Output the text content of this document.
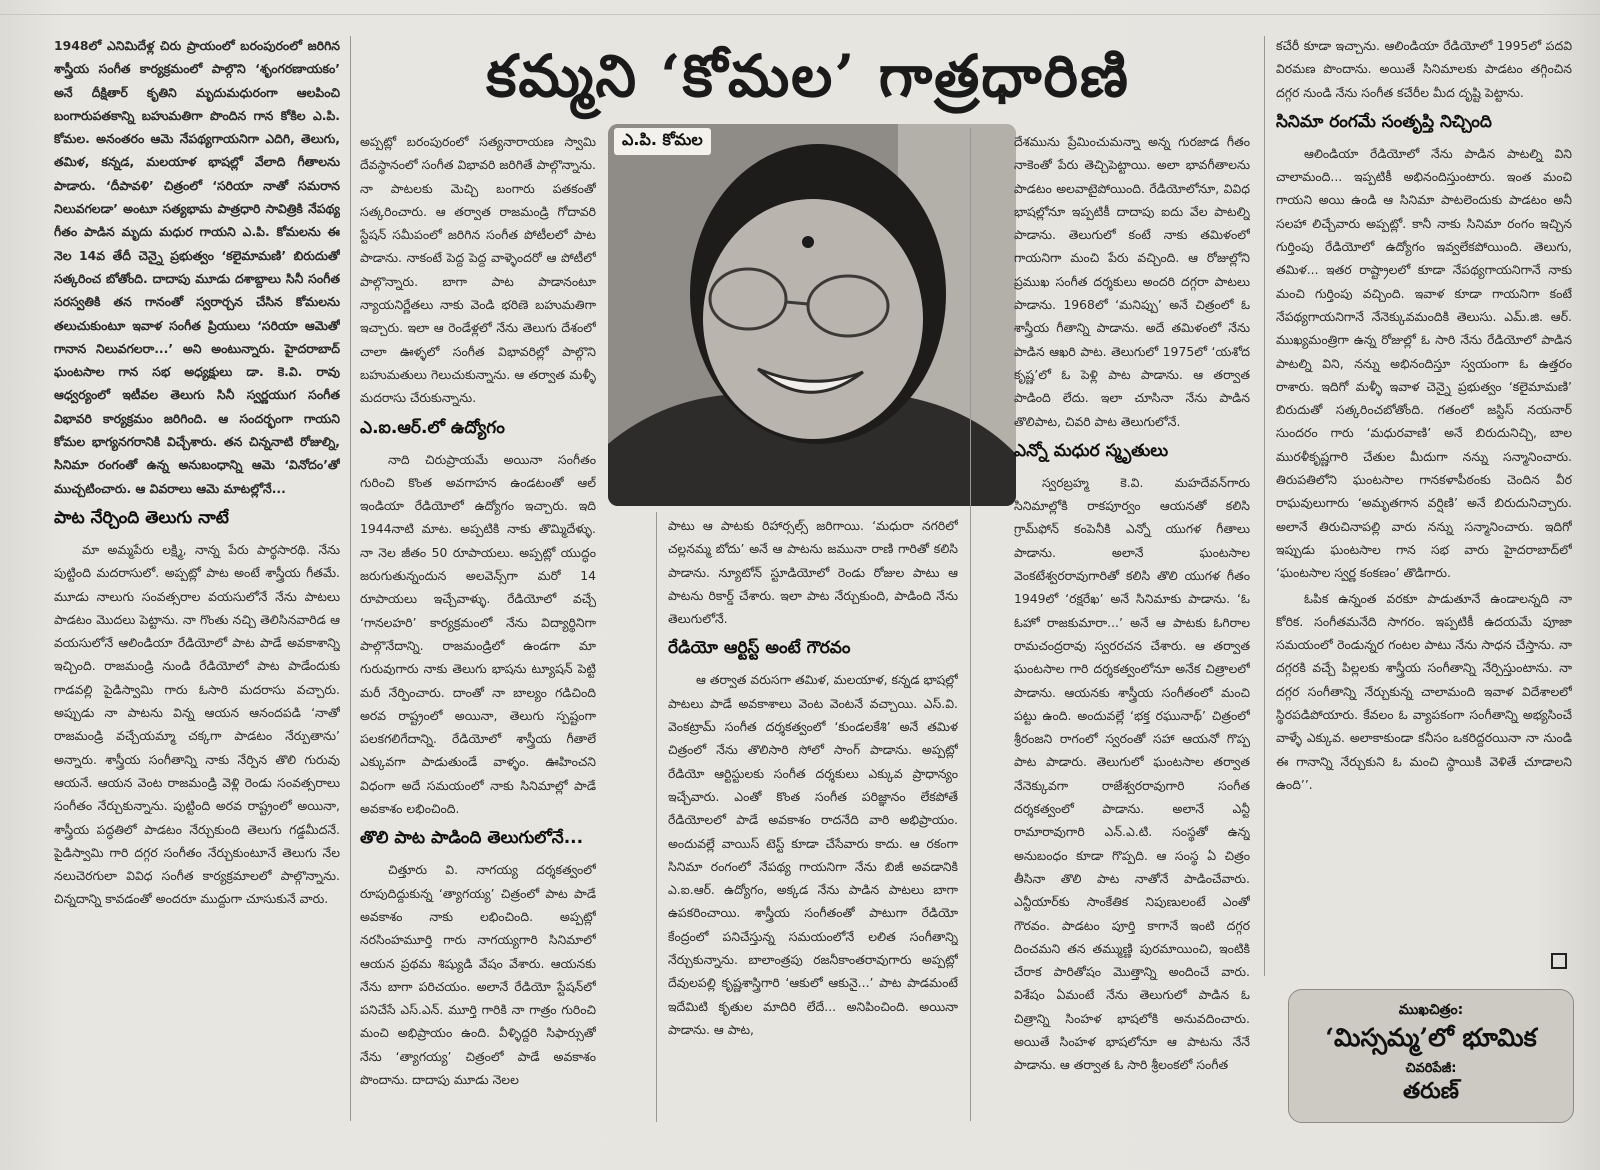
కమ్మని ‘కోమల’ గాత్రధారిణి

1948లో ఎనిమిదేళ్ల చిరు ప్రాయంలో బరంపురంలో జరిగిన శాస్త్రీయ సంగీత కార్యక్రమంలో పాల్గొని ‘శృంగరణాయకం’ అనే దీక్షితార్ కృతిని మృదుమధురంగా ఆలపించి బంగారుపతకాన్ని బహుమతిగా పొందిన గాన కోకిల ఎ.పి. కోమల. అనంతరం ఆమె నేపథ్యగాయనిగా ఎదిగి, తెలుగు, తమిళ, కన్నడ, మలయాళ భాషల్లో వేలాది గీతాలను పాడారు. ‘దీపావళి’ చిత్రంలో ‘సరియా నాతో సమరాన నిలువగలడా’ అంటూ సత్యభామ పాత్రధారి సావిత్రికి నేపథ్య గీతం పాడిన మృదు మధుర గాయని ఎ.పి. కోమలను ఈ నెల 14వ తేదీ చెన్నై ప్రభుత్వం ‘కలైమామణి’ బిరుదుతో సత్కరించ బోతోంది. దాదాపు మూడు దశాబ్దాలు సినీ సంగీత సరస్వతికి తన గానంతో స్వరార్చన చేసిన కోమలను తలుచుకుంటూ ఇవాళ సంగీత ప్రియులు ‘సరియా ఆమెతో గానాన నిలువగలరా...’ అని అంటున్నారు. హైదరాబాద్ ఘంటసాల గాన సభ అధ్యక్షులు డా. కె.వి. రావు ఆధ్వర్యంలో ఇటీవల తెలుగు సినీ స్వర్ణయుగ సంగీత విభావరి కార్యక్రమం జరిగింది. ఆ సందర్భంగా గాయని కోమల భాగ్యనగరానికి విచ్చేశారు. తన చిన్ననాటి రోజుల్ని, సినిమా రంగంతో ఉన్న అనుబంధాన్ని ఆమె ‘వినోదం’తో ముచ్చటించారు. ఆ వివరాలు ఆమె మాటల్లోనే...

పాట నేర్చింది తెలుగు నాటే

మా అమ్మపేరు లక్ష్మి, నాన్న పేరు పార్థసారథి. నేను పుట్టింది మదరాసులో. అప్పట్లో పాట అంటే శాస్త్రీయ గీతమే. మూడు నాలుగు సంవత్సరాల వయసులోనే నేను పాటలు పాడటం మొదలు పెట్టాను. నా గొంతు నచ్చి తెలిసినవారిడ ఆ వయసులోనే ఆలిండియా రేడియోలో పాట పాడే అవకాశాన్ని ఇచ్చింది. రాజమండ్రి నుండి రేడియోలో పాట పాడేందుకు గాడవల్లి పైడిస్వామి గారు ఓసారి మదరాసు వచ్చారు. అప్పుడు నా పాటను విన్న ఆయన ఆనందపడి ‘నాతో రాజమండ్రి వచ్చేయమ్మా చక్కగా పాడటం నేర్పుతాను’ అన్నారు. శాస్త్రీయ సంగీతాన్ని నాకు నేర్పిన తొలి గురువు ఆయనే. ఆయన వెంట రాజమండ్రి వెళ్లి రెండు సంవత్సరాలు సంగీతం నేర్చుకున్నాను. పుట్టింది అరవ రాష్ట్రంలో అయినా, శాస్త్రీయ పద్ధతిలో పాడటం నేర్చుకుంది తెలుగు గడ్డమీదనే. పైడిస్వామి గారి దగ్గర సంగీతం నేర్చుకుంటూనే తెలుగు నేల నలుచెరగులా వివిధ సంగీత కార్యక్రమాలలో పాల్గొన్నాను. చిన్నదాన్ని కావడంతో అందరూ ముద్దుగా చూసుకునే వారు.

అప్పట్లో బరంపురంలో సత్యనారాయణ స్వామి దేవస్థానంలో సంగీత విభావరి జరిగితే పాల్గొన్నాను. నా పాటలకు మెచ్చి బంగారు పతకంతో సత్కరించారు. ఆ తర్వాత రాజమండ్రి గోదావరి స్టేషన్ సమీపంలో జరిగిన సంగీత పోటీలలో పాట పాడాను. నాకంటే పెద్ద పెద్ద వాళ్ళెందరో ఆ పోటీలో పాల్గొన్నారు. బాగా పాట పాడానంటూ న్యాయనిర్ణేతలు నాకు వెండి భరిణె బహుమతిగా ఇచ్చారు. ఇలా ఆ రెండేళ్లలో నేను తెలుగు దేశంలో చాలా ఊళ్ళలో సంగీత విభావరిల్లో పాల్గొని బహుమతులు గెలుచుకున్నాను. ఆ తర్వాత మళ్ళీ మదరాసు చేరుకున్నాను.

ఎ.ఐ.ఆర్.లో ఉద్యోగం

నాది చిరుప్రాయమే అయినా సంగీతం గురించి కొంత అవగాహన ఉండటంతో ఆల్ ఇండియా రేడియోలో ఉద్యోగం ఇచ్చారు. ఇది 1944నాటి మాట. అప్పటికి నాకు తొమ్మిదేళ్ళు. నా నెల జీతం 50 రూపాయలు. అప్పట్లో యుద్ధం జరుగుతున్నందున అలవెన్స్‌గా మరో 14 రూపాయలు ఇచ్చేవాళ్ళు. రేడియోలో వచ్చే ‘గానలహరి’ కార్యక్రమంలో నేను విద్యార్థినిగా పాల్గొనేదాన్ని. రాజమండ్రిలో ఉండగా మా గురువుగారు నాకు తెలుగు భాషను ట్యూషన్ పెట్టి మరీ నేర్పించారు. దాంతో నా బాల్యం గడిచింది అరవ రాష్ట్రంలో అయినా, తెలుగు స్పష్టంగా పలకగలిగేదాన్ని. రేడియోలో శాస్త్రీయ గీతాలే ఎక్కువగా పాడుతుండే వాళ్ళం. ఊహించని విధంగా అదే సమయంలో నాకు సినిమాల్లో పాడే అవకాశం లభించింది.

తొలి పాట పాడింది తెలుగులోనే...

చిత్తూరు వి. నాగయ్య దర్శకత్వంలో రూపుదిద్దుకున్న ‘త్యాగయ్య’ చిత్రంలో పాట పాడే అవకాశం నాకు లభించింది. అప్పట్లో నరసింహమూర్తి గారు నాగయ్యగారి సినిమాలో ఆయన ప్రథమ శిష్యుడి వేషం వేశారు. ఆయనకు నేను బాగా పరిచయం. అలానే రేడియో స్టేషన్‌లో పనిచేసే ఎస్.ఎన్. మూర్తి గారికి నా గాత్రం గురించి మంచి అభిప్రాయం ఉంది. వీళ్ళిద్దరి సిఫార్సుతో నేను ‘త్యాగయ్య’ చిత్రంలో పాడే అవకాశం పొందాను. దాదాపు మూడు నెలల

ఎ.పి. కోమల

పాటు ఆ పాటకు రిహార్సల్స్ జరిగాయి. ‘మధురా నగరిలో చల్లనమ్మ బోదు’ అనే ఆ పాటను జమునా రాణి గారితో కలిసి పాడాను. న్యూటోన్ స్టూడియోలో రెండు రోజుల పాటు ఆ పాటను రికార్డ్ చేశారు. ఇలా పాట నేర్చుకుంది, పాడింది నేను తెలుగులోనే.

రేడియో ఆర్టిస్ట్ అంటే గౌరవం

ఆ తర్వాత వరుసగా తమిళ, మలయాళ, కన్నడ భాషల్లో పాటలు పాడే అవకాశాలు వెంట వెంటనే వచ్చాయి. ఎస్.వి. వెంకట్రామ్ సంగీత దర్శకత్వంలో ‘కుండలకేశి’ అనే తమిళ చిత్రంలో నేను తొలిసారి సోలో సాంగ్ పాడాను. అప్పట్లో రేడియో ఆర్టిస్టులకు సంగీత దర్శకులు ఎక్కువ ప్రాధాన్యం ఇచ్చేవారు. ఎంతో కొంత సంగీత పరిజ్ఞానం లేకపోతే రేడియోలలో పాడే అవకాశం రాదనేది వారి అభిప్రాయం. అందువల్లే వాయిస్ టెస్ట్ కూడా చేసేవారు కాదు. ఆ రకంగా సినిమా రంగంలో నేపథ్య గాయనిగా నేను బిజీ అవడానికి ఎ.ఐ.ఆర్. ఉద్యోగం, అక్కడ నేను పాడిన పాటలు బాగా ఉపకరించాయి. శాస్త్రీయ సంగీతంతో పాటుగా రేడియో కేంద్రంలో పనిచేస్తున్న సమయంలోనే లలిత సంగీతాన్ని నేర్చుకున్నాను. బాలాంత్రపు రజనీకాంతరావుగారు అప్పట్లో దేవులపల్లి కృష్ణశాస్త్రిగారి ‘ఆకులో ఆకునై...’ పాట పాడమంటే ఇదేమిటి కృతుల మాదిరి లేదే... అనిపించింది. అయినా పాడాను. ఆ పాట,

దేశమును ప్రేమించుమన్నా అన్న గురజాడ గీతం నాకెంతో పేరు తెచ్చిపెట్టాయి. అలా భావగీతాలను పాడటం అలవాటైపోయింది. రేడియోలోనూ, వివిధ భాషల్లోనూ ఇప్పటికీ దాదాపు ఐదు వేల పాటల్ని పాడాను. తెలుగులో కంటే నాకు తమిళంలో గాయనిగా మంచి పేరు వచ్చింది. ఆ రోజుల్లోని ప్రముఖ సంగీత దర్శకులు అందరి దగ్గరా పాటలు పాడాను. 1968లో ‘మనిప్పు’ అనే చిత్రంలో ఓ శాస్త్రీయ గీతాన్ని పాడాను. అదే తమిళంలో నేను పాడిన ఆఖరి పాట. తెలుగులో 1975లో ‘యశోద కృష్ణ’లో ఓ పెళ్లి పాట పాడాను. ఆ తర్వాత పాడింది లేదు. ఇలా చూసినా నేను పాడిన తొలిపాట, చివరి పాట తెలుగులోనే.

ఎన్నో మధుర స్మృతులు

స్వరబ్రహ్మ కె.వి. మహదేవన్‌గారు సినిమాల్లోకి రాకపూర్వం ఆయనతో కలిసి గ్రామ్‌ఫోన్ కంపెనీకి ఎన్నో యుగళ గీతాలు పాడాను. అలానే ఘంటసాల వెంకటేశ్వరరావుగారితో కలిసి తొలి యుగళ గీతం 1949లో ‘రక్షరేఖ’ అనే సినిమాకు పాడాను. ‘ఓ ఓహో రాజకుమారా...’ అనే ఆ పాటకు ఓగిరాల రామచంద్రరావు స్వరరచన చేశారు. ఆ తర్వాత ఘంటసాల గారి దర్శకత్వంలోనూ అనేక చిత్రాలలో పాడాను. ఆయనకు శాస్త్రీయ సంగీతంలో మంచి పట్టు ఉంది. అందువల్లే ‘భక్త రఘునాథ్’ చిత్రంలో శ్రీరంజని రాగంలో స్వరంతో సహా ఆయనో గొప్ప పాట పాడారు. తెలుగులో ఘంటసాల తర్వాత నేనెక్కువగా రాజేశ్వరరావుగారి సంగీత దర్శకత్వంలో పాడాను. అలానే ఎన్టీ రామారావుగారి ఎన్.ఎ.టి. సంస్థతో ఉన్న అనుబంధం కూడా గొప్పది. ఆ సంస్థ ఏ చిత్రం తీసినా తొలి పాట నాతోనే పాడించేవారు. ఎన్టీయార్‌కు సాంకేతిక నిపుణులంటే ఎంతో గౌరవం. పాడటం పూర్తి కాగానే ఇంటి దగ్గర దించమని తన తమ్ముణ్ణి పురమాయించి, ఇంటికి చేరాక పారితోషం మొత్తాన్ని అందించే వారు. విశేషం ఏమంటే నేను తెలుగులో పాడిన ఓ చిత్రాన్ని సింహళ భాషలోకి అనువదించారు. అయితే సింహళ భాషలోనూ ఆ పాటను నేనే పాడాను. ఆ తర్వాత ఓ సారి శ్రీలంకలో సంగీత

కచేరీ కూడా ఇచ్చాను. ఆలిండియా రేడియోలో 1995లో పదవి విరమణ పొందాను. అయితే సినిమాలకు పాడటం తగ్గించిన దగ్గర నుండి నేను సంగీత కచేరీల మీద దృష్టి పెట్టాను.

సినిమా రంగమే సంతృప్తి నిచ్చింది

ఆలిండియా రేడియోలో నేను పాడిన పాటల్ని విని చాలామంది... ఇప్పటికీ అభినందిస్తుంటారు. ఇంత మంచి గాయని అయి ఉండి ఆ సినిమా పాటలెందుకు పాడటం అనీ సలహా లిచ్చేవారు అప్పట్లో. కానీ నాకు సినిమా రంగం ఇచ్చిన గుర్తింపు రేడియోలో ఉద్యోగం ఇవ్వలేకపోయింది. తెలుగు, తమిళ... ఇతర రాష్ట్రాలలో కూడా నేపథ్యగాయనిగానే నాకు మంచి గుర్తింపు వచ్చింది. ఇవాళ కూడా గాయనిగా కంటే నేపథ్యగాయనిగానే నేనెక్కువమందికి తెలుసు. ఎమ్.జి. ఆర్. ముఖ్యమంత్రిగా ఉన్న రోజుల్లో ఓ సారి నేను రేడియోలో పాడిన పాటల్ని విని, నన్ను అభినందిస్తూ స్వయంగా ఓ ఉత్తరం రాశారు. ఇదిగో మళ్ళీ ఇవాళ చెన్నై ప్రభుత్వం ‘కలైమామణి’ బిరుదుతో సత్కరించబోతోంది. గతంలో జస్టిస్ నయనార్ సుందరం గారు ‘మధురవాణి’ అనే బిరుదునిచ్చి, బాల మురళీకృష్ణగారి చేతుల మీదుగా నన్ను సన్మానించారు. తిరుపతిలోని ఘంటసాల గానకళాపీఠంకు చెందిన వీర రాఘవులుగారు ‘అమృతగాన వర్షిణి’ అనే బిరుదునిచ్చారు. అలానే తిరుచినాపల్లి వారు నన్ను సన్మానించారు. ఇదిగో ఇప్పుడు ఘంటసాల గాన సభ వారు హైదరాబాద్‌లో ‘ఘంటసాల స్వర్ణ కంకణం’ తొడిగారు.

ఓపిక ఉన్నంత వరకూ పాడుతూనే ఉండాలన్నది నా కోరిక. సంగీతమనేది సాగరం. ఇప్పటికీ ఉదయమే పూజా సమయంలో రెండున్నర గంటల పాటు నేను సాధన చేస్తాను. నా దగ్గరకి వచ్చే పిల్లలకు శాస్త్రీయ సంగీతాన్ని నేర్పిస్తుంటాను. నా దగ్గర సంగీతాన్ని నేర్చుకున్న చాలామంది ఇవాళ విదేశాలలో స్థిరపడిపోయారు. కేవలం ఓ వ్యాపకంగా సంగీతాన్ని అభ్యసించే వాళ్ళే ఎక్కువ. అలాకాకుండా కనీసం ఒకరిద్దరయినా నా నుండి ఈ గానాన్ని నేర్చుకుని ఓ మంచి స్థాయికి వెళితే చూడాలని ఉంది’’.

ముఖచిత్రం:
‘మిస్సమ్మ’లో భూమిక
చివరిపేజీ:
తరుణ్
